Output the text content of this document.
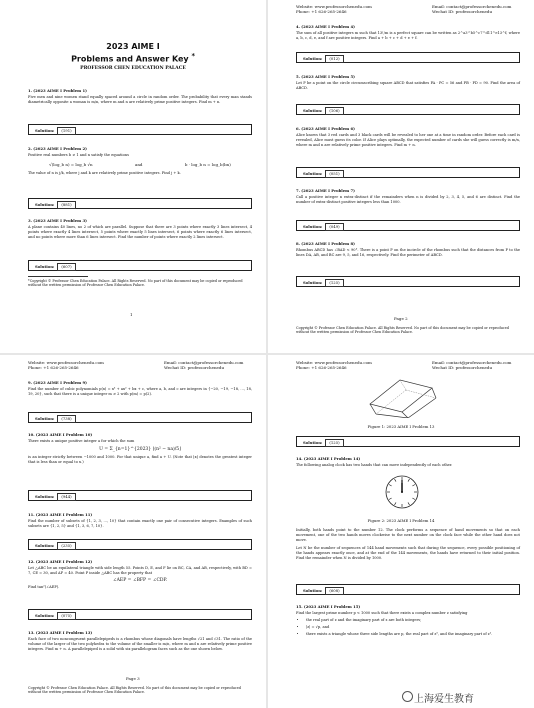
2023 AIME I
Problems and Answer Key *
PROFESSOR CHEN EDUCATION PALACE
1. (2023 AIME I Problem 1)
Five men and nine women stand equally spaced around a circle in random order. The probability that every man stands diametrically opposite a woman is m/n, where m and n are relatively prime positive integers. Find m + n.
Solution: (191)
2. (2023 AIME I Problem 2)
Positive real numbers b ≠ 1 and n satisfy the equations
√(log_b n) = log_b √n	and	b · log_b n = log_b(bn)
The value of n is j/k, where j and k are relatively prime positive integers. Find j + k.
Solution: (881)
3. (2023 AIME I Problem 3)
A plane contains 40 lines, no 2 of which are parallel. Suppose that there are 3 points where exactly 3 lines intersect, 4 points where exactly 4 lines intersect, 5 points where exactly 5 lines intersect, 6 points where exactly 6 lines intersect, and no points where more than 6 lines intersect. Find the number of points where exactly 2 lines intersect.
Solution: (607)
*Copyright © Professor Chen Education Palace. All Rights Reserved. No part of this document may be copied or reproduced without the written permission of Professor Chen Education Palace.
1
Website: www.professorchenedu.com
Phone: +1 626-265-2646
Email: contact@professorchenedu.com
Wechat ID: professorchenedu
4. (2023 AIME I Problem 4)
The sum of all positive integers m such that 13!/m is a perfect square can be written as 2^a3^b5^c7^d11^e13^f, where a, b, c, d, e, and f are positive integers. Find a + b + c + d + e + f.
Solution: (012)
5. (2023 AIME I Problem 5)
Let P be a point on the circle circumscribing square ABCD that satisfies PA · PC = 56 and PB · PD = 90. Find the area of ABCD.
Solution: (106)
6. (2023 AIME I Problem 6)
Alice knows that 3 red cards and 3 black cards will be revealed to her one at a time in random order. Before each card is revealed, Alice must guess its color. If Alice plays optimally, the expected number of cards she will guess correctly is m/n, where m and n are relatively prime positive integers. Find m + n.
Solution: (051)
7. (2023 AIME I Problem 7)
Call a positive integer n extra-distinct if the remainders when n is divided by 2, 3, 4, 5, and 6 are distinct. Find the number of extra-distinct positive integers less than 1000.
Solution: (049)
8. (2023 AIME I Problem 8)
Rhombus ABCD has ∠BAD < 90°. There is a point P on the incircle of the rhombus such that the distances from P to the lines DA, AB, and BC are 9, 5, and 16, respectively. Find the perimeter of ABCD.
Solution: (125)
Page 2
Copyright © Professor Chen Education Palace. All Rights Reserved. No part of this document may be copied or reproduced without the written permission of Professor Chen Education Palace.
Website: www.professorchenedu.com
Phone: +1 626-265-2646
Email: contact@professorchenedu.com
Wechat ID: professorchenedu
9. (2023 AIME I Problem 9)
Find the number of cubic polynomials p(x) = x³ + ax² + bx + c, where a, b, and c are integers in {−20, −19, −18, ..., 18, 19, 20}, such that there is a unique integer m ≠ 2 with p(m) = p(2).
Solution: (738)
10. (2023 AIME I Problem 10)
There exists a unique positive integer a for which the sum
U = Σ_{n=1}^{2023} ⌊(n² − na)/5⌋
is an integer strictly between −1000 and 1000. For that unique a, find a + U. (Note that ⌊x⌋ denotes the greatest integer that is less than or equal to x.)
Solution: (944)
11. (2023 AIME I Problem 11)
Find the number of subsets of {1, 2, 3, ..., 10} that contain exactly one pair of consecutive integers. Examples of such subsets are {1, 2, 5} and {1, 3, 6, 7, 10}.
Solution: (235)
12. (2023 AIME I Problem 12)
Let △ABC be an equilateral triangle with side length 55. Points D, E, and F lie on BC, CA, and AB, respectively, with BD = 7, CE = 30, and AF = 40. Point P inside △ABC has the property that
∠AEP = ∠BFP = ∠CDP.
Find tan²(∠AEP).
Solution: (075)
13. (2023 AIME I Problem 13)
Each face of two noncongruent parallelepipeds is a rhombus whose diagonals have lengths √21 and √31. The ratio of the volume of the larger of the two polyhedra to the volume of the smaller is m/n, where m and n are relatively prime positive integers. Find m + n. A parallelepiped is a solid with six parallelogram faces such as the one shown below.
Page 3
Copyright © Professor Chen Education Palace. All Rights Reserved. No part of this document may be copied or reproduced without the written permission of Professor Chen Education Palace.
Website: www.professorchenedu.com
Phone: +1 626-265-2646
Email: contact@professorchenedu.com
Wechat ID: professorchenedu
Figure 1: 2023 AIME I Problem 13
Solution: (125)
14. (2023 AIME I Problem 14)
The following analog clock has two hands that can move independently of each other.
Figure 2: 2023 AIME I Problem 14
Initially, both hands point to the number 12. The clock performs a sequence of hand movements so that on each movement, one of the two hands moves clockwise to the next number on the clock face while the other hand does not move.
Let N be the number of sequences of 144 hand movements such that during the sequence, every possible positioning of the hands appears exactly once, and at the end of the 144 movements, the hands have returned to their initial position. Find the remainder when N is divided by 1000.
Solution: (608)
15. (2023 AIME I Problem 15)
Find the largest prime number p < 1000 such that there exists a complex number z satisfying
• the real part of z and the imaginary part of z are both integers;
• |z| = √p, and
• there exists a triangle whose three side lengths are p, the real part of z³, and the imaginary part of z².
上海爱生教育
